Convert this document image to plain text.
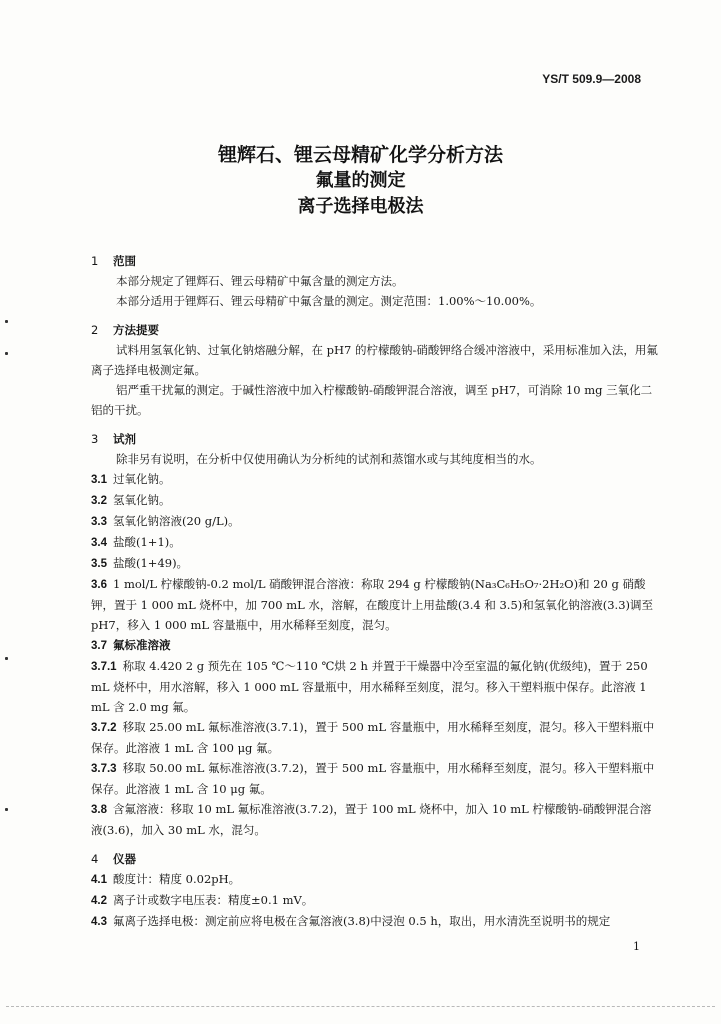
YS/T 509.9—2008
锂辉石、锂云母精矿化学分析方法
氟量的测定
离子选择电极法
1 范围
本部分规定了锂辉石、锂云母精矿中氟含量的测定方法。
本部分适用于锂辉石、锂云母精矿中氟含量的测定。测定范围：1.00%～10.00%。
2 方法提要
试料用氢氧化钠、过氧化钠熔融分解，在 pH7 的柠檬酸钠-硝酸钾络合缓冲溶液中，采用标准加入法，用氟离子选择电极测定氟。
铝严重干扰氟的测定。于碱性溶液中加入柠檬酸钠-硝酸钾混合溶液，调至 pH7，可消除 10 mg 三氧化二铝的干扰。
3 试剂
除非另有说明，在分析中仅使用确认为分析纯的试剂和蒸馏水或与其纯度相当的水。
3.1 过氧化钠。
3.2 氢氧化钠。
3.3 氢氧化钠溶液(20 g/L)。
3.4 盐酸(1+1)。
3.5 盐酸(1+49)。
3.6 1 mol/L 柠檬酸钠-0.2 mol/L 硝酸钾混合溶液：称取 294 g 柠檬酸钠(Na₃C₆H₅O₇·2H₂O)和 20 g 硝酸钾，置于 1 000 mL 烧杯中，加 700 mL 水，溶解，在酸度计上用盐酸(3.4 和 3.5)和氢氧化钠溶液(3.3)调至 pH7，移入 1 000 mL 容量瓶中，用水稀释至刻度，混匀。
3.7 氟标准溶液
3.7.1 称取 4.420 2 g 预先在 105 ℃～110 ℃烘 2 h 并置于干燥器中冷至室温的氟化钠(优级纯)，置于 250 mL 烧杯中，用水溶解，移入 1 000 mL 容量瓶中，用水稀释至刻度，混匀。移入干塑料瓶中保存。此溶液 1 mL 含 2.0 mg 氟。
3.7.2 移取 25.00 mL 氟标准溶液(3.7.1)，置于 500 mL 容量瓶中，用水稀释至刻度，混匀。移入干塑料瓶中保存。此溶液 1 mL 含 100 μg 氟。
3.7.3 移取 50.00 mL 氟标准溶液(3.7.2)，置于 500 mL 容量瓶中，用水稀释至刻度，混匀。移入干塑料瓶中保存。此溶液 1 mL 含 10 μg 氟。
3.8 含氟溶液：移取 10 mL 氟标准溶液(3.7.2)，置于 100 mL 烧杯中，加入 10 mL 柠檬酸钠-硝酸钾混合溶液(3.6)，加入 30 mL 水，混匀。
4 仪器
4.1 酸度计：精度 0.02pH。
4.2 离子计或数字电压表：精度±0.1 mV。
4.3 氟离子选择电极：测定前应将电极在含氟溶液(3.8)中浸泡 0.5 h，取出，用水清洗至说明书的规定
1
